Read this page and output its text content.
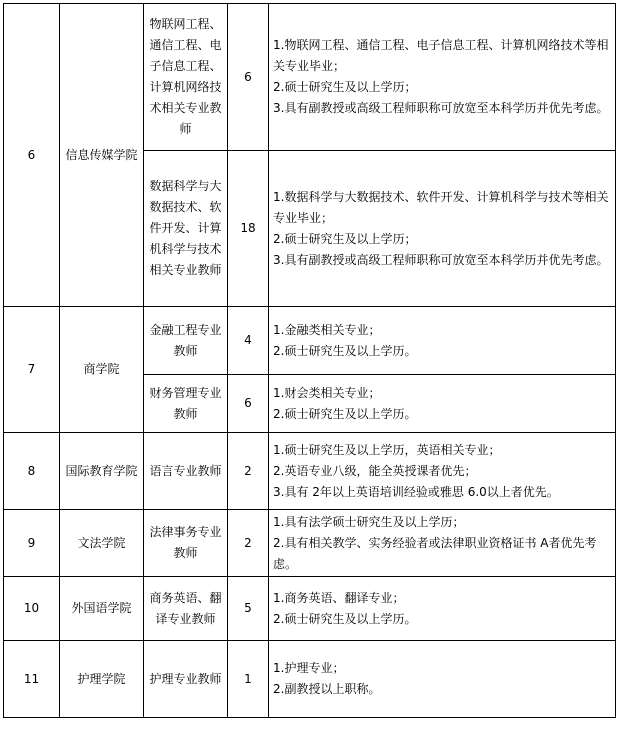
6	信息传媒学院	物联网工程、通信工程、电子信息工程、计算机网络技术相关专业教师	6	1.物联网工程、通信工程、电子信息工程、计算机网络技术等相关专业毕业；
2.硕士研究生及以上学历；
3.具有副教授或高级工程师职称可放宽至本科学历并优先考虑。

		数据科学与大数据技术、软件开发、计算机科学与技术相关专业教师	18	1.数据科学与大数据技术、软件开发、计算机科学与技术等相关专业毕业；
2.硕士研究生及以上学历；
3.具有副教授或高级工程师职称可放宽至本科学历并优先考虑。

7	商学院	金融工程专业教师	4	1.金融类相关专业；
2.硕士研究生及以上学历。

		财务管理专业教师	6	1.财会类相关专业；
2.硕士研究生及以上学历。

8	国际教育学院	语言专业教师	2	1.硕士研究生及以上学历，英语相关专业；
2.英语专业八级，能全英授课者优先；
3.具有 2年以上英语培训经验或雅思 6.0以上者优先。

9	文法学院	法律事务专业教师	2	1.具有法学硕士研究生及以上学历；
2.具有相关教学、实务经验者或法律职业资格证书 A者优先考虑。

10	外国语学院	商务英语、翻译专业教师	5	1.商务英语、翻译专业；
2.硕士研究生及以上学历。

11	护理学院	护理专业教师	1	1.护理专业；
2.副教授以上职称。
